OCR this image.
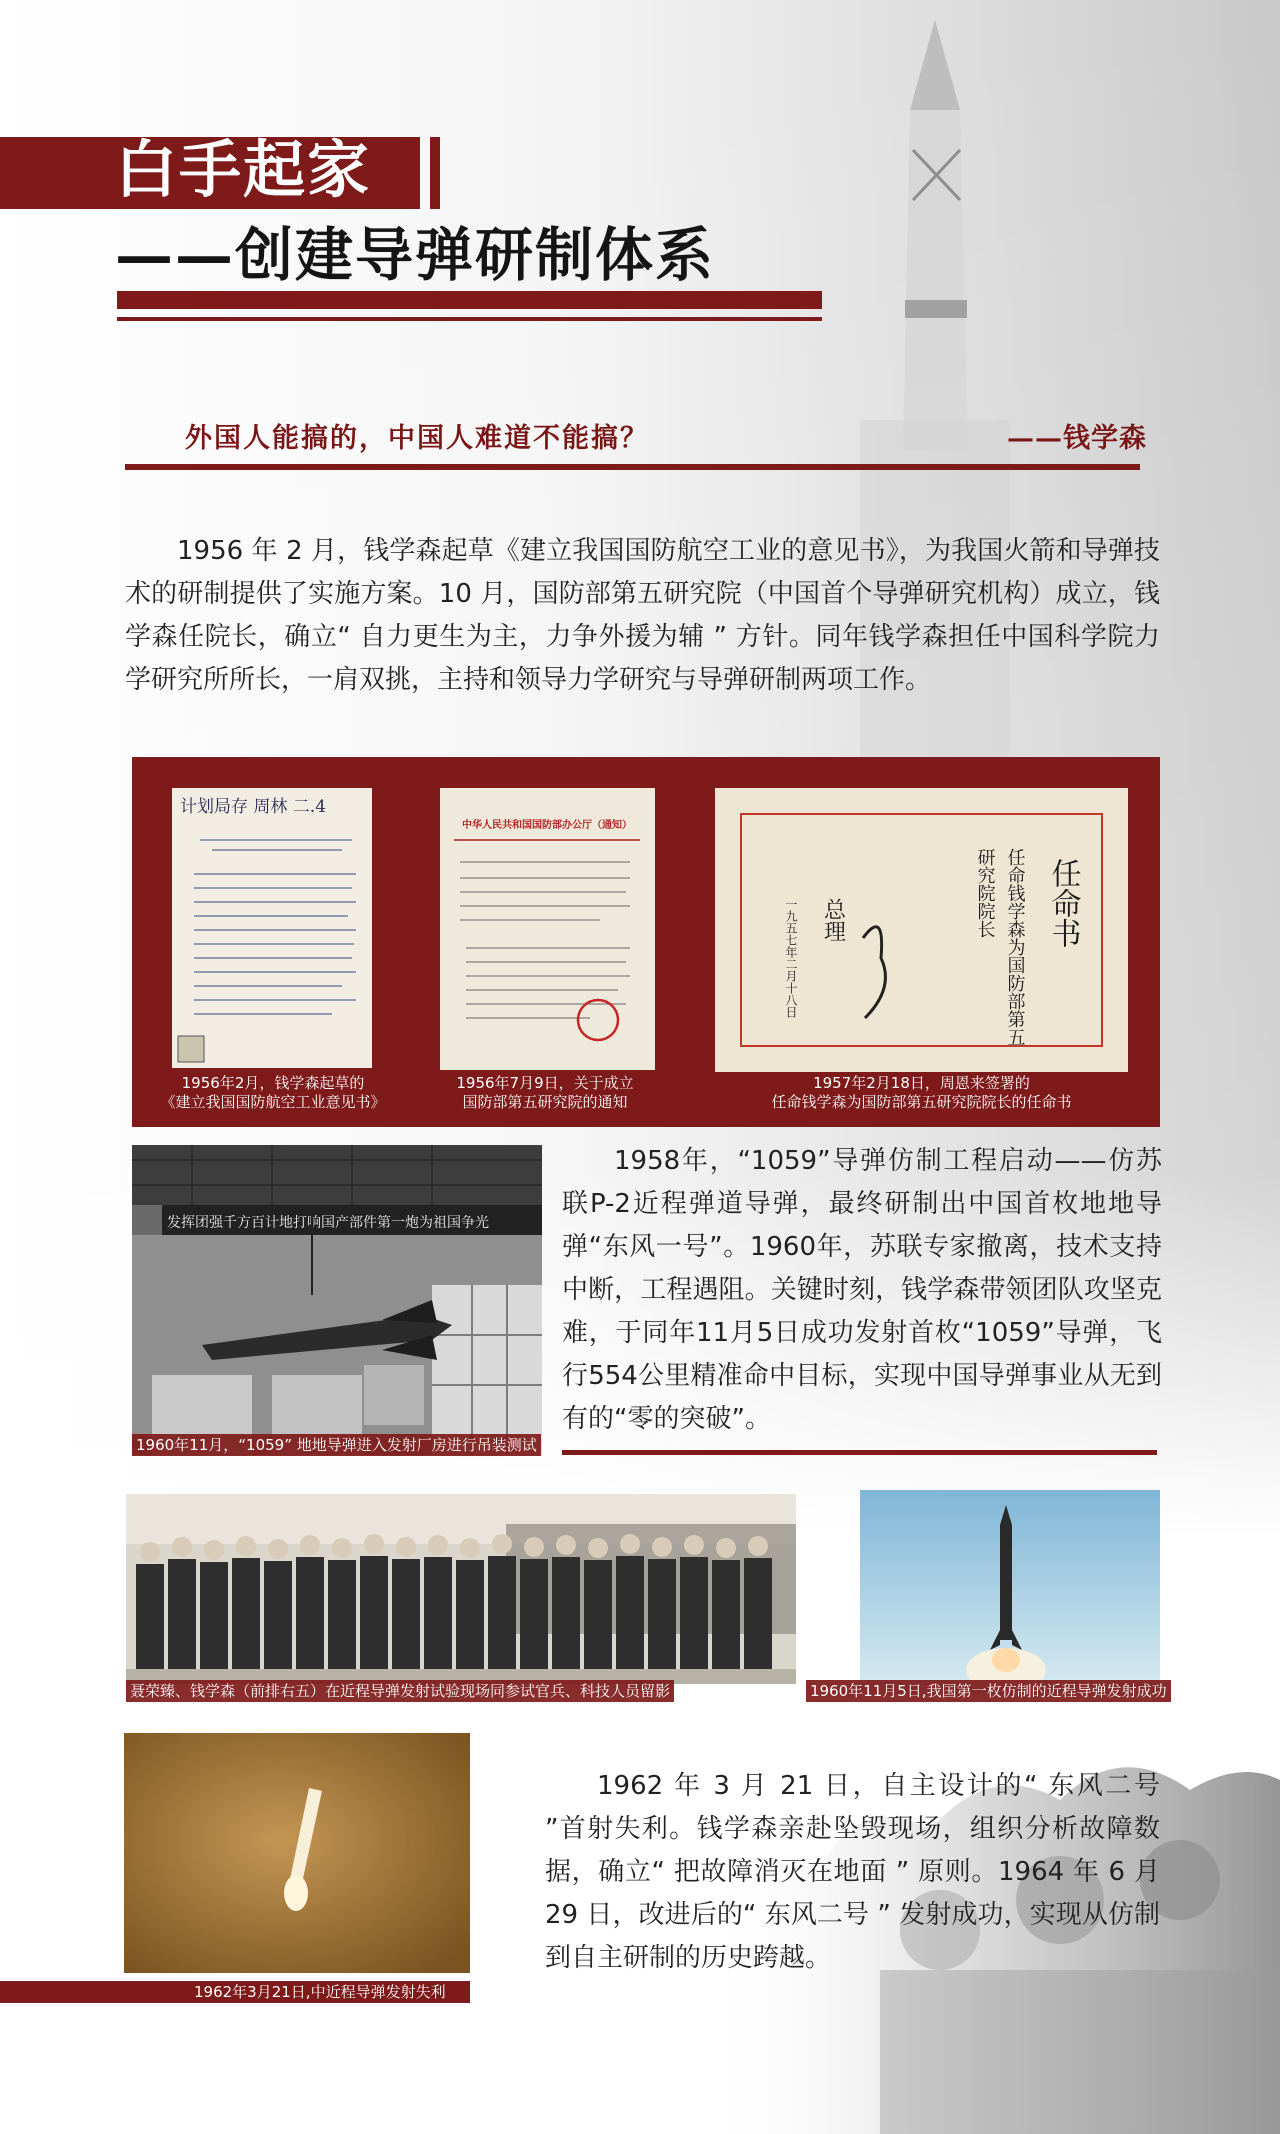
白手起家
——创建导弹研制体系
外国人能搞的，中国人难道不能搞？	——钱学森

1956 年 2 月，钱学森起草《建立我国国防航空工业的意见书》，为我国火箭和导弹技术的研制提供了实施方案。10 月，国防部第五研究院（中国首个导弹研究机构）成立，钱学森任院长，确立“ 自力更生为主，力争外援为辅 ” 方针。同年钱学森担任中国科学院力学研究所所长，一肩双挑，主持和领导力学研究与导弹研制两项工作。

计划局存 周林 二.4
1956年2月，钱学森起草的
《建立我国国防航空工业意见书》
中华人民共和国国防部办公厅（通知）
1956年7月9日，关于成立
国防部第五研究院的通知
任命书
任命钱学森为国防部第五
研究院院长
总理
一九五七年二月十八日
1957年2月18日，周恩来签署的
任命钱学森为国防部第五研究院院长的任命书
发挥团强千方百计地打响国产部件第一炮为祖国争光
1960年11月，“1059” 地地导弹进入发射厂房进行吊装测试

1958年，“1059”导弹仿制工程启动——仿苏联P-2近程弹道导弹，最终研制出中国首枚地地导弹“东风一号”。1960年，苏联专家撤离，技术支持中断，工程遇阻。关键时刻，钱学森带领团队攻坚克难，于同年11月5日成功发射首枚“1059”导弹，飞行554公里精准命中目标，实现中国导弹事业从无到有的“零的突破”。

聂荣臻、钱学森（前排右五）在近程导弹发射试验现场同参试官兵、科技人员留影	1960年11月5日,我国第一枚仿制的近程导弹发射成功
1962年3月21日,中近程导弹发射失利

1962 年 3 月 21 日，自主设计的“ 东风二号 ”首射失利。钱学森亲赴坠毁现场，组织分析故障数据，确立“ 把故障消灭在地面 ” 原则。1964 年 6 月 29 日，改进后的“ 东风二号 ” 发射成功，实现从仿制到自主研制的历史跨越。
